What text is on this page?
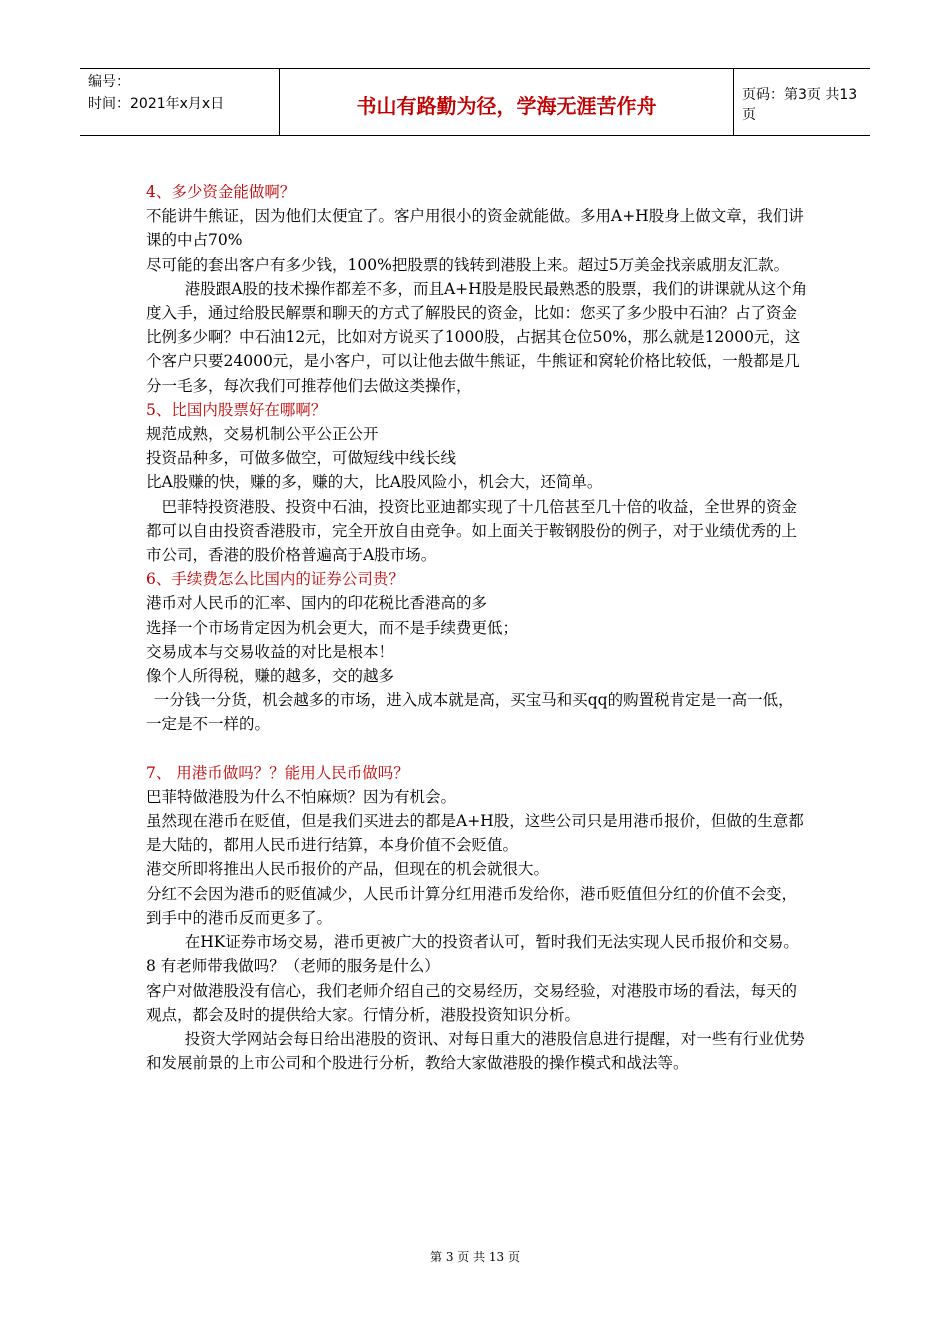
编号：
时间：2021年x月x日	书山有路勤为径，学海无涯苦作舟	页码：第3页 共13页

4、多少资金能做啊？

不能讲牛熊证，因为他们太便宜了。客户用很小的资金就能做。多用A+H股身上做文章，我们讲课的中占70%

尽可能的套出客户有多少钱，100%把股票的钱转到港股上来。超过5万美金找亲戚朋友汇款。

港股跟A股的技术操作都差不多，而且A+H股是股民最熟悉的股票，我们的讲课就从这个角度入手，通过给股民解票和聊天的方式了解股民的资金，比如：您买了多少股中石油？占了资金比例多少啊？中石油12元，比如对方说买了1000股，占据其仓位50%，那么就是12000元，这个客户只要24000元，是小客户，可以让他去做牛熊证，牛熊证和窝轮价格比较低，一般都是几分一毛多，每次我们可推荐他们去做这类操作，

5、比国内股票好在哪啊？

规范成熟，交易机制公平公正公开

投资品种多，可做多做空，可做短线中线长线

比A股赚的快，赚的多，赚的大，比A股风险小，机会大，还简单。

巴菲特投资港股、投资中石油，投资比亚迪都实现了十几倍甚至几十倍的收益，全世界的资金都可以自由投资香港股市，完全开放自由竞争。如上面关于鞍钢股份的例子，对于业绩优秀的上市公司，香港的股价格普遍高于A股市场。

6、手续费怎么比国内的证券公司贵？

港币对人民币的汇率、国内的印花税比香港高的多

选择一个市场肯定因为机会更大，而不是手续费更低；

交易成本与交易收益的对比是根本！

像个人所得税，赚的越多，交的越多

一分钱一分货，机会越多的市场，进入成本就是高，买宝马和买qq的购置税肯定是一高一低，一定是不一样的。

7、 用港币做吗？？能用人民币做吗？

巴菲特做港股为什么不怕麻烦？因为有机会。

虽然现在港币在贬值，但是我们买进去的都是A+H股，这些公司只是用港币报价，但做的生意都是大陆的，都用人民币进行结算，本身价值不会贬值。

港交所即将推出人民币报价的产品，但现在的机会就很大。

分红不会因为港币的贬值减少，人民币计算分红用港币发给你，港币贬值但分红的价值不会变，到手中的港币反而更多了。

在HK证券市场交易，港币更被广大的投资者认可，暂时我们无法实现人民币报价和交易。

8 有老师带我做吗？（老师的服务是什么）

客户对做港股没有信心，我们老师介绍自己的交易经历，交易经验，对港股市场的看法，每天的观点，都会及时的提供给大家。行情分析，港股投资知识分析。

投资大学网站会每日给出港股的资讯、对每日重大的港股信息进行提醒，对一些有行业优势和发展前景的上市公司和个股进行分析，教给大家做港股的操作模式和战法等。

第 3 页 共 13 页
